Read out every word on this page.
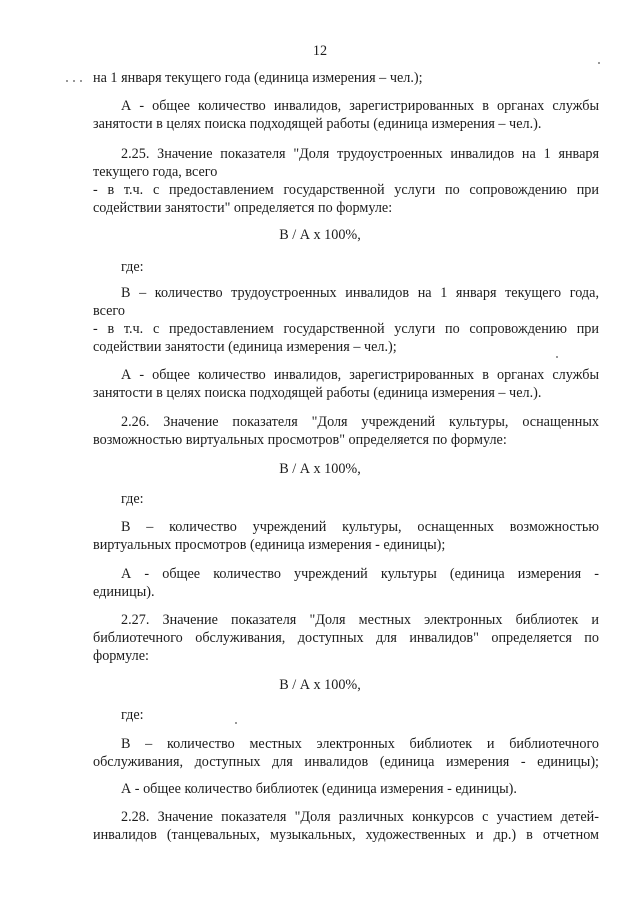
12
на 1 января текущего года (единица измерения – чел.);
А - общее количество инвалидов, зарегистрированных в органах службы
занятости в целях поиска подходящей работы (единица измерения – чел.).
2.25. Значение показателя "Доля трудоустроенных инвалидов на 1 января
текущего года, всего
- в т.ч. с предоставлением государственной услуги по сопровождению при
содействии занятости" определяется по формуле:
В / А х 100%,
где:
В – количество трудоустроенных инвалидов на 1 января текущего года,
всего
- в т.ч. с предоставлением государственной услуги по сопровождению при
содействии занятости (единица измерения – чел.);
А - общее количество инвалидов, зарегистрированных в органах службы
занятости в целях поиска подходящей работы (единица измерения – чел.).
2.26. Значение показателя "Доля учреждений культуры, оснащенных
возможностью виртуальных просмотров" определяется по формуле:
В / А х 100%,
где:
В – количество учреждений культуры, оснащенных возможностью
виртуальных просмотров (единица измерения - единицы);
А - общее количество учреждений культуры (единица измерения -
единицы).
2.27. Значение показателя "Доля местных электронных библиотек и
библиотечного обслуживания, доступных для инвалидов" определяется по
формуле:
В / А х 100%,
где:
В – количество местных электронных библиотек и библиотечного
обслуживания, доступных для инвалидов (единица измерения - единицы);
А - общее количество библиотек (единица измерения - единицы).
2.28. Значение показателя "Доля различных конкурсов с участием детей-
инвалидов (танцевальных, музыкальных, художественных и др.) в отчетном
